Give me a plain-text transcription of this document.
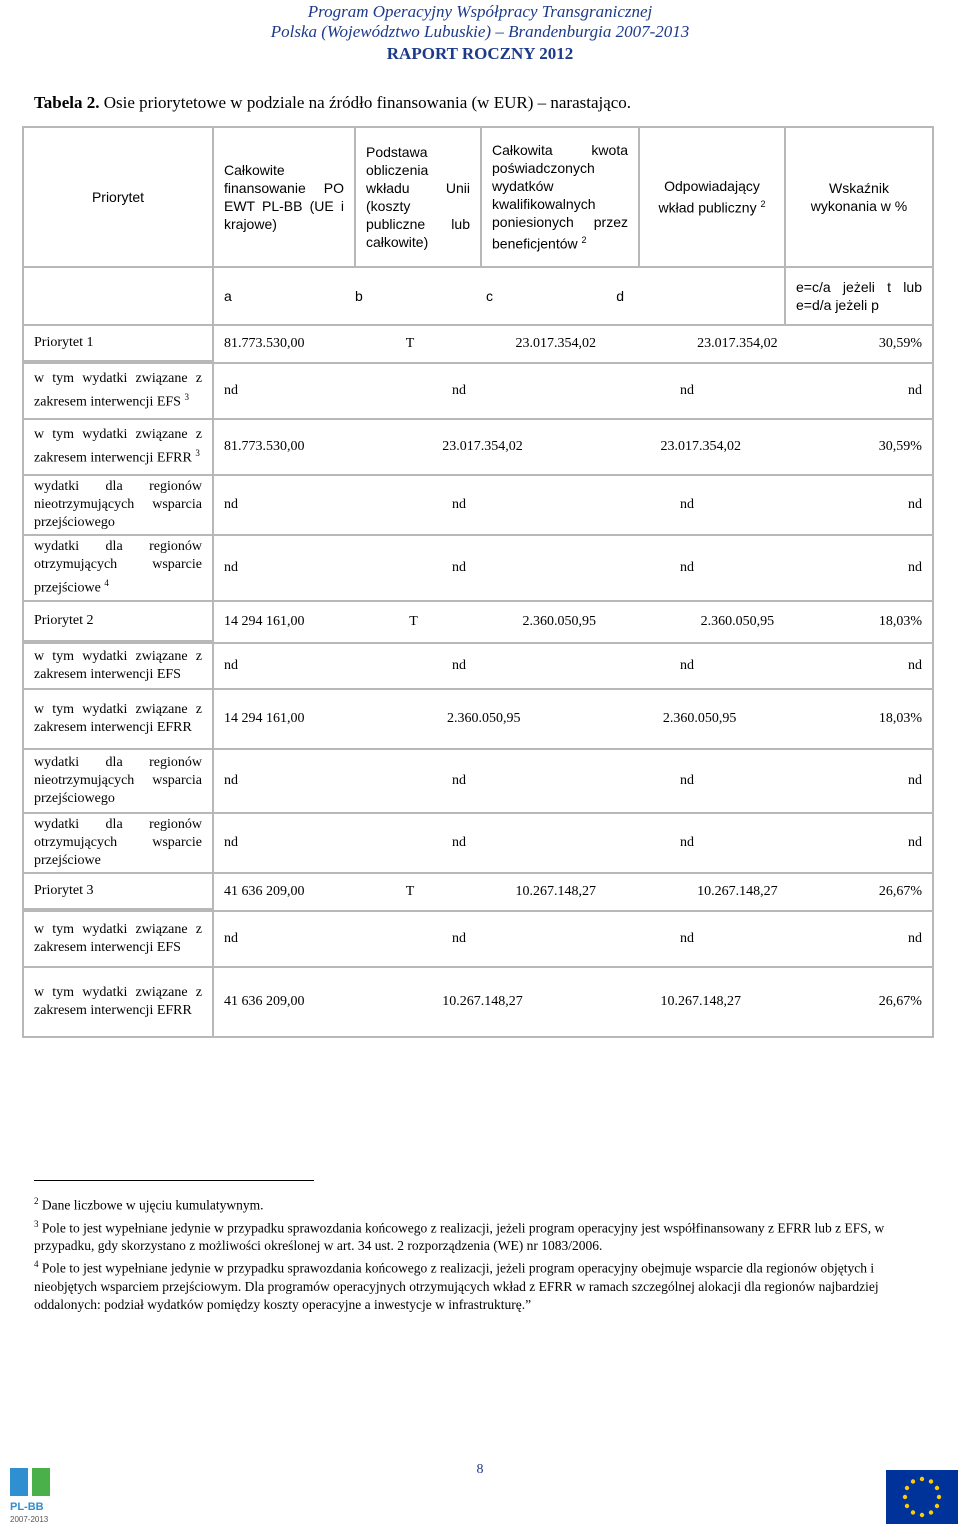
Program Operacyjny Współpracy Transgranicznej
Polska (Województwo Lubuskie) – Brandenburgia 2007-2013
RAPORT ROCZNY 2012
Tabela 2. Osie priorytetowe w podziale na źródło finansowania (w EUR) – narastająco.
Priorytet	Całkowite finansowanie PO EWT PL-BB (UE i krajowe)	Podstawa obliczenia wkładu Unii (koszty publiczne lub całkowite)	Całkowita kwota poświadczonych wydatków kwalifikowalnych poniesionych przez beneficjentów $^2$	Odpowiadający wkład publiczny $^2$	Wskaźnik wykonania w %

	a b c d				e=c/a jeżeli t lub e=d/a jeżeli p
Priorytet 1	81.773.530,00 T 23.017.354,02 23.017.354,02 30,59%				

w tym wydatki związane z zakresem interwencji EFS $^3$	nd nd nd nd				

w tym wydatki związane z zakresem interwencji EFRR $^3$	81.773.530,00 23.017.354,02 23.017.354,02 30,59%				

wydatki dla regionów nieotrzymujących wsparcia przejściowego	nd nd nd nd				

wydatki dla regionów otrzymujących wsparcie przejściowe $^4$	nd nd nd nd				

Priorytet 2	14 294 161,00 T 2.360.050,95 2.360.050,95 18,03%				

w tym wydatki związane z zakresem interwencji EFS	nd nd nd nd				

w tym wydatki związane z zakresem interwencji EFRR	14 294 161,00 2.360.050,95 2.360.050,95 18,03%				

wydatki dla regionów nieotrzymujących wsparcia przejściowego	nd nd nd nd				

wydatki dla regionów otrzymujących wsparcie przejściowe	nd nd nd nd				

Priorytet 3	41 636 209,00 T 10.267.148,27 10.267.148,27 26,67%				

w tym wydatki związane z zakresem interwencji EFS	nd nd nd nd				

w tym wydatki związane z zakresem interwencji EFRR	41 636 209,00 10.267.148,27 10.267.148,27 26,67%				
$^2$ Dane liczbowe w ujęciu kumulatywnym.
$^3$ Pole to jest wypełniane jedynie w przypadku sprawozdania końcowego z realizacji, jeżeli program operacyjny jest współfinansowany z EFRR lub z EFS, w przypadku, gdy skorzystano z możliwości określonej w art. 34 ust. 2 rozporządzenia (WE) nr 1083/2006.
$^4$ Pole to jest wypełniane jedynie w przypadku sprawozdania końcowego z realizacji, jeżeli program operacyjny obejmuje wsparcie dla regionów objętych i nieobjętych wsparciem przejściowym. Dla programów operacyjnych otrzymujących wkład z EFRR w ramach szczególnej alokacji dla regionów najbardziej oddalonych: podział wydatków pomiędzy koszty operacyjne a inwestycje w infrastrukturę.”
8
PL-BB
2007-2013
